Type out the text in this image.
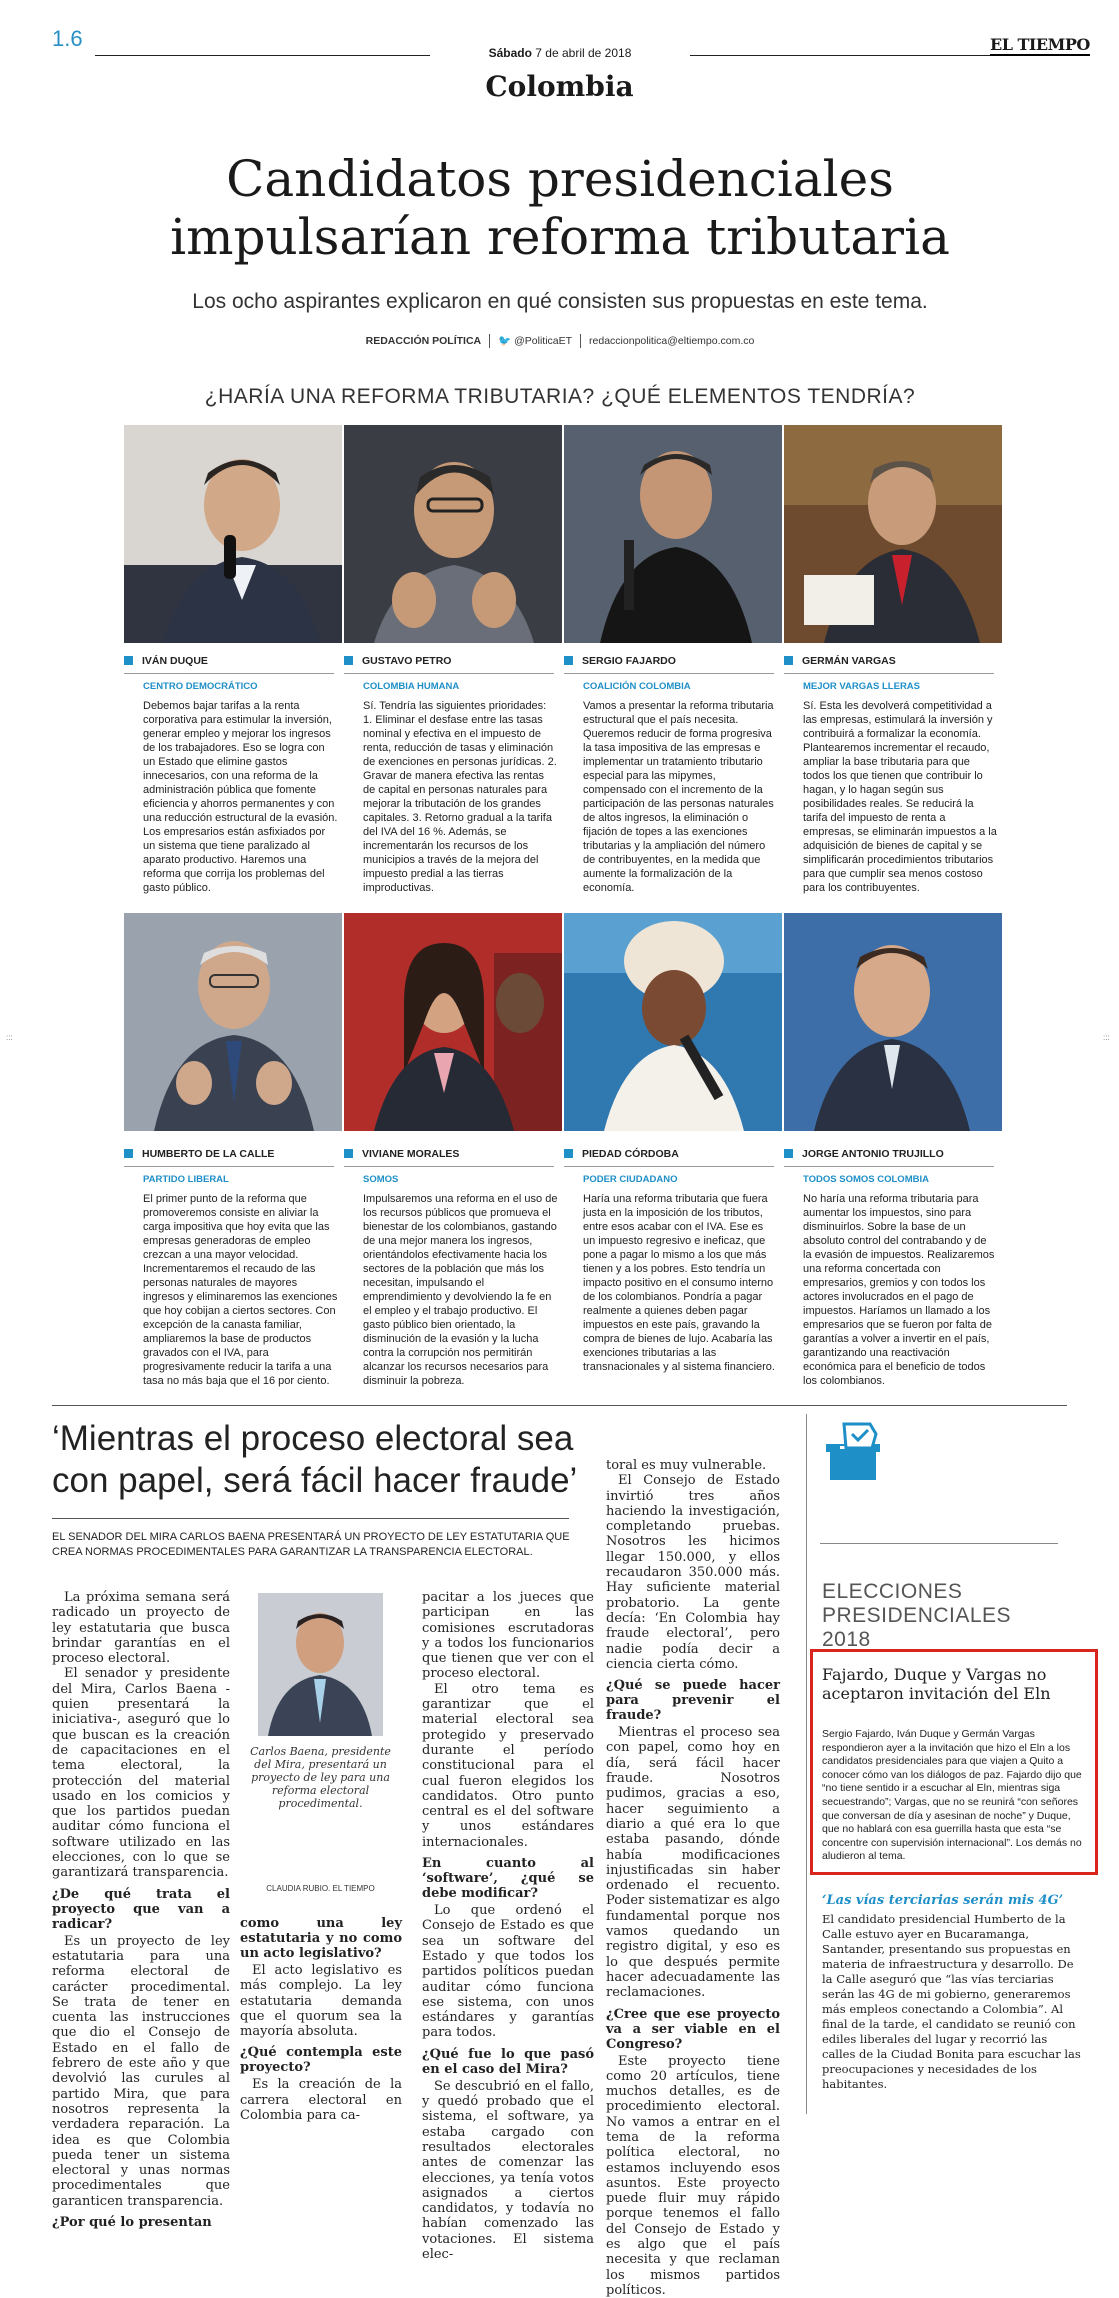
1.6
Sábado 7 de abril de 2018	EL TIEMPO
Colombia
Candidatos presidenciales
impulsarían reforma tributaria
Los ocho aspirantes explicaron en qué consisten sus propuestas en este tema.
REDACCIÓN POLÍTICA 🐦 @PoliticaET redaccionpolitica@eltiempo.com.co
¿HARÍA UNA REFORMA TRIBUTARIA? ¿QUÉ ELEMENTOS TENDRÍA?
IVÁN DUQUE	GUSTAVO PETRO	SERGIO FAJARDO	GERMÁN VARGAS
CENTRO DEMOCRÁTICO	COLOMBIA HUMANA	COALICIÓN COLOMBIA	MEJOR VARGAS LLERAS
Debemos bajar tarifas a la renta corporativa para estimular la inversión, generar empleo y mejorar los ingresos de los trabajadores. Eso se logra con un Estado que elimine gastos innecesarios, con una reforma de la administración pública que fomente eficiencia y ahorros permanentes y con una reducción estructural de la evasión. Los empresarios están asfixiados por un sistema que tiene paralizado al aparato productivo. Haremos una reforma que corrija los problemas del gasto público.
Sí. Tendría las siguientes prioridades: 1. Eliminar el desfase entre las tasas nominal y efectiva en el impuesto de renta, reducción de tasas y eliminación de exenciones en personas jurídicas. 2. Gravar de manera efectiva las rentas de capital en personas naturales para mejorar la tributación de los grandes capitales. 3. Retorno gradual a la tarifa del IVA del 16 %. Además, se incrementarán los recursos de los municipios a través de la mejora del impuesto predial a las tierras improductivas.
Vamos a presentar la reforma tributaria estructural que el país necesita. Queremos reducir de forma progresiva la tasa impositiva de las empresas e implementar un tratamiento tributario especial para las mipymes, compensado con el incremento de la participación de las personas naturales de altos ingresos, la eliminación o fijación de topes a las exenciones tributarias y la ampliación del número de contribuyentes, en la medida que aumente la formalización de la economía.
Sí. Esta les devolverá competitividad a las empresas, estimulará la inversión y contribuirá a formalizar la economía. Plantearemos incrementar el recaudo, ampliar la base tributaria para que todos los que tienen que contribuir lo hagan, y lo hagan según sus posibilidades reales. Se reducirá la tarifa del impuesto de renta a empresas, se eliminarán impuestos a la adquisición de bienes de capital y se simplificarán procedimientos tributarios para que cumplir sea menos costoso para los contribuyentes.
HUMBERTO DE LA CALLE	VIVIANE MORALES	PIEDAD CÓRDOBA	JORGE ANTONIO TRUJILLO
PARTIDO LIBERAL	SOMOS	PODER CIUDADANO	TODOS SOMOS COLOMBIA
El primer punto de la reforma que promoveremos consiste en aliviar la carga impositiva que hoy evita que las empresas generadoras de empleo crezcan a una mayor velocidad. Incrementaremos el recaudo de las personas naturales de mayores ingresos y eliminaremos las exenciones que hoy cobijan a ciertos sectores. Con excepción de la canasta familiar, ampliaremos la base de productos gravados con el IVA, para progresivamente reducir la tarifa a una tasa no más baja que el 16 por ciento.
Impulsaremos una reforma en el uso de los recursos públicos que promueva el bienestar de los colombianos, gastando de una mejor manera los ingresos, orientándolos efectivamente hacia los sectores de la población que más los necesitan, impulsando el emprendimiento y devolviendo la fe en el empleo y el trabajo productivo. El gasto público bien orientado, la disminución de la evasión y la lucha contra la corrupción nos permitirán alcanzar los recursos necesarios para disminuir la pobreza.
Haría una reforma tributaria que fuera justa en la imposición de los tributos, entre esos acabar con el IVA. Ese es un impuesto regresivo e ineficaz, que pone a pagar lo mismo a los que más tienen y a los pobres. Esto tendría un impacto positivo en el consumo interno de los colombianos. Pondría a pagar realmente a quienes deben pagar impuestos en este país, gravando la compra de bienes de lujo. Acabaría las exenciones tributarias a las transnacionales y al sistema financiero.
No haría una reforma tributaria para aumentar los impuestos, sino para disminuirlos. Sobre la base de un absoluto control del contrabando y de la evasión de impuestos. Realizaremos una reforma concertada con empresarios, gremios y con todos los actores involucrados en el pago de impuestos. Haríamos un llamado a los empresarios que se fueron por falta de garantías a volver a invertir en el país, garantizando una reactivación económica para el beneficio de todos los colombianos.
:::	:::
‘Mientras el proceso electoral sea con papel, será fácil hacer fraude’
EL SENADOR DEL MIRA CARLOS BAENA PRESENTARÁ UN PROYECTO DE LEY ESTATUTARIA QUE CREA NORMAS PROCEDIMENTALES PARA GARANTIZAR LA TRANSPARENCIA ELECTORAL.

La próxima semana será radicado un proyecto de ley estatutaria que busca brindar garantías en el proceso electoral.

El senador y presidente del Mira, Carlos Baena -quien presentará la iniciativa-, aseguró que lo que buscan es la creación de capacitaciones en el tema electoral, la protección del material usado en los comicios y que los partidos puedan auditar cómo funciona el software utilizado en las elecciones, con lo que se garantizará transparencia.

¿De qué trata el proyecto que van a radicar?

Es un proyecto de ley estatutaria para una reforma electoral de carácter procedimental. Se trata de tener en cuenta las instrucciones que dio el Consejo de Estado en el fallo de febrero de este año y que devolvió las curules al partido Mira, que para nosotros representa la verdadera reparación. La idea es que Colombia pueda tener un sistema electoral y unas normas procedimentales que garanticen transparencia.

¿Por qué lo presentan
Carlos Baena, presidente del Mira, presentará un proyecto de ley para una reforma electoral procedimental.
CLAUDIA RUBIO. EL TIEMPO
como una ley estatutaria y no como un acto legislativo?

El acto legislativo es más complejo. La ley estatutaria demanda que el quorum sea la mayoría absoluta.

¿Qué contempla este proyecto?

Es la creación de la carrera electoral en Colombia para ca-

pacitar a los jueces que participan en las comisiones escrutadoras y a todos los funcionarios que tienen que ver con el proceso electoral.

El otro tema es garantizar que el material electoral sea protegido y preservado durante el período constitucional para el cual fueron elegidos los candidatos. Otro punto central es el del software y unos estándares internacionales.

En cuanto al ‘software’, ¿qué se debe modificar?

Lo que ordenó el Consejo de Estado es que sea un software del Estado y que todos los partidos políticos puedan auditar cómo funciona ese sistema, con unos estándares y garantías para todos.

¿Qué fue lo que pasó en el caso del Mira?

Se descubrió en el fallo, y quedó probado que el sistema, el software, ya estaba cargado con resultados electorales antes de comenzar las elecciones, ya tenía votos asignados a ciertos candidatos, y todavía no habían comenzado las votaciones. El sistema elec-

toral es muy vulnerable.

El Consejo de Estado invirtió tres años haciendo la investigación, completando pruebas. Nosotros les hicimos llegar 150.000, y ellos recaudaron 350.000 más. Hay suficiente material probatorio. La gente decía: ‘En Colombia hay fraude electoral’, pero nadie podía decir a ciencia cierta cómo.

¿Qué se puede hacer para prevenir el fraude?

Mientras el proceso sea con papel, como hoy en día, será fácil hacer fraude. Nosotros pudimos, gracias a eso, hacer seguimiento a diario a qué era lo que estaba pasando, dónde había modificaciones injustificadas sin haber ordenado el recuento. Poder sistematizar es algo fundamental porque nos vamos quedando un registro digital, y eso es lo que después permite hacer adecuadamente las reclamaciones.

¿Cree que ese proyecto va a ser viable en el Congreso?

Este proyecto tiene como 20 artículos, tiene muchos detalles, es de procedimiento electoral. No vamos a entrar en el tema de la reforma política electoral, no estamos incluyendo esos asuntos. Este proyecto puede fluir muy rápido porque tenemos el fallo del Consejo de Estado y es algo que el país necesita y que reclaman los mismos partidos políticos.

ELECCIONES
PRESIDENCIALES
2018
Fajardo, Duque y Vargas no aceptaron invitación del Eln
Sergio Fajardo, Iván Duque y Germán Vargas respondieron ayer a la invitación que hizo el Eln a los candidatos presidenciales para que viajen a Quito a conocer cómo van los diálogos de paz. Fajardo dijo que “no tiene sentido ir a escuchar al Eln, mientras siga secuestrando”; Vargas, que no se reunirá “con señores que conversan de día y asesinan de noche” y Duque, que no hablará con esa guerrilla hasta que esta “se concentre con supervisión internacional”. Los demás no aludieron al tema.
‘Las vías terciarias serán mis 4G’
El candidato presidencial Humberto de la Calle estuvo ayer en Bucaramanga, Santander, presentando sus propuestas en materia de infraestructura y desarrollo. De la Calle aseguró que “las vías terciarias serán las 4G de mi gobierno, generaremos más empleos conectando a Colombia”. Al final de la tarde, el candidato se reunió con ediles liberales del lugar y recorrió las calles de la Ciudad Bonita para escuchar las preocupaciones y necesidades de los habitantes.
